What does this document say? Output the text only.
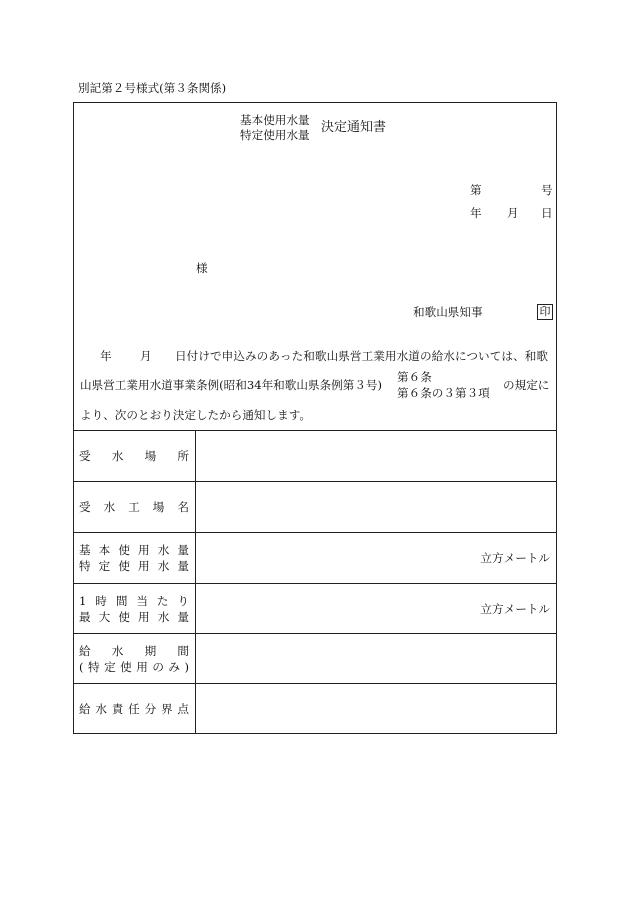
別記第２号様式(第３条関係)
基本使用水量
特定使用水量 決定通知書
第	号
年 月 日
様
和歌山県知事	印
年 月 日付けで申込みのあった和歌山県営工業用水道の給水については、和歌
山県営工業用水道事業条例(昭和34年和歌山県条例第３号)
第６条
第６条の３第３項
の規定に
より、次のとおり決定したから通知します。
受 水 場 所
受 水 工 場 名
基 本 使 用 水 量
特 定 使 用 水 量
立方メートル
1 時 間 当 た り
最 大 使 用 水 量
立方メートル
給 水 期 間
( 特 定 使 用 の み )
給 水 責 任 分 界 点
